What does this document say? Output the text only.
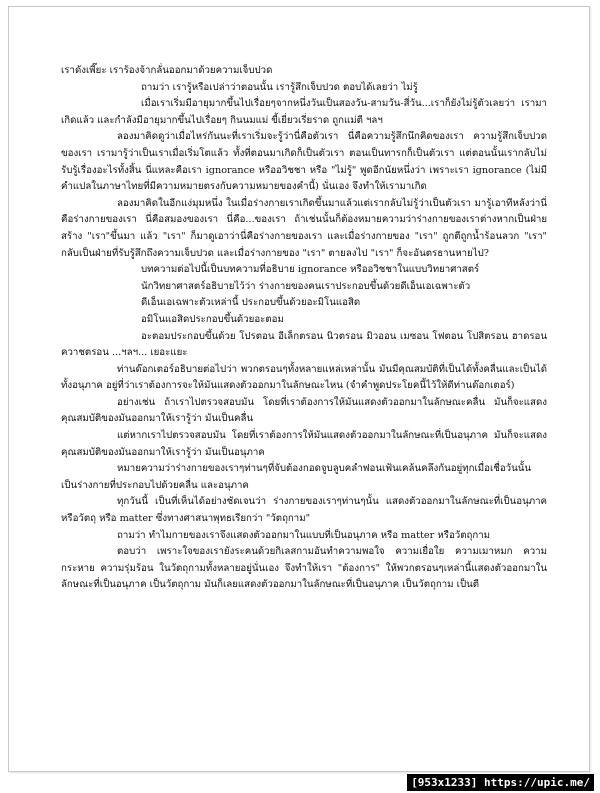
เราดังเพี๊ยะ เราร้องจ้ากลั่นออกมาด้วยความเจ็บปวด

ถามว่า เรารู้หรือเปล่าว่าตอนนั้น เรารู้สึกเจ็บปวด ตอบได้เลยว่า ไม่รู้

เมื่อเราเริ่มมีอายุมากขึ้นไปเรื่อยๆจากหนึ่งวันเป็นสองวัน-สามวัน-สี่วัน...เราก็ยังไม่รู้ตัวเลยว่า เรามาเกิดแล้ว และกำลังมีอายุมากขึ้นไปเรื่อยๆ กินนมแม่ ขี้เยี่ยวเรี่ยราด ถูกแม่ตี ฯลฯ

ลองมาคิดดูว่าเมื่อไหร่กันนะที่เราเริ่มจะรู้ว่านี่คือตัวเรา นี่คือความรู้สึกนึกคิดของเรา ความรู้สึกเจ็บปวดของเรา เรามารู้ว่าเป็นเราเมื่อเริ่มโตแล้ว ทั้งที่ตอนมาเกิดก็เป็นตัวเรา ตอนเป็นทารกก็เป็นตัวเรา แต่ตอนนั้นเรากลับไม่รับรู้เรื่องอะไรทั้งสิ้น นี่แหละคือเรา ignorance หรืออวิชชา หรือ "ไม่รู้" พูดอีกนัยหนึ่งว่า เพราะเรา ignorance (ไม่มีคำแปลในภาษาไทยที่มีความหมายตรงกับความหมายของคำนี้) นั่นเอง จึงทำให้เรามาเกิด

ลองมาคิดในอีกแง่มุมหนึ่ง ในเมื่อร่างกายเราเกิดขึ้นมาแล้วแต่เรากลับไม่รู้ว่าเป็นตัวเรา มารู้เอาทีหลังว่านี่คือร่างกายของเรา นี่คือสมองของเรา นี่คือ...ของเรา ถ้าเช่นนั้นก็ต้องหมายความว่าร่างกายของเราต่างหากเป็นฝ่ายสร้าง "เรา"ขึ้นมา แล้ว "เรา" ก็มาดูเอาว่านี่คือร่างกายของเรา และเมื่อร่างกายของ "เรา" ถูกตีถูกน้ำร้อนลวก "เรา" กลับเป็นฝ่ายที่รับรู้สึกถึงความเจ็บปวด และเมื่อร่างกายของ "เรา" ตายลงไป "เรา" ก็จะอันตรธานหายไป?

บทความต่อไปนี้เป็นบทความที่อธิบาย ignorance หรืออวิชชาในแบบวิทยาศาสตร์

นักวิทยาศาสตร์อธิบายไว้ว่า ร่างกายของคนเราประกอบขึ้นด้วยดีเอ็นเอเฉพาะตัว

ดีเอ็นเอเฉพาะตัวเหล่านี้ ประกอบขึ้นด้วยอะมิโนแอสิด

อมิโนแอสิดประกอบขึ้นด้วยอะตอม

อะตอมประกอบขึ้นด้วย โปรตอน อีเล็กตรอน นิวตรอน มิวออน เมซอน โฟตอน โปสิตรอน ฮาดรอน ควาชตรอน ...ฯลฯ... เยอะแยะ

ท่านด๊อกเตอร์อธิบายต่อไปว่า พวกตรอนๆทั้งหลายแหล่เหล่านั้น มันมีคุณสมบัติที่เป็นได้ทั้งคลื่นและเป็นได้ทั้งอนุภาค อยู่ที่ว่าเราต้องการจะให้มันแสดงตัวออกมาในลักษณะไหน (จำคำพูดประโยคนี้ไว้ให้ดีท่านด๊อกเตอร์)

อย่างเช่น ถ้าเราไปตรวจสอบมัน โดยที่เราต้องการให้มันแสดงตัวออกมาในลักษณะคลื่น มันก็จะแสดงคุณสมบัติของมันออกมาให้เรารู้ว่า มันเป็นคลื่น

แต่หากเราไปตรวจสอบมัน โดยที่เราต้องการให้มันแสดงตัวออกมาในลักษณะที่เป็นอนุภาค มันก็จะแสดงคุณสมบัติของมันออกมาให้เรารู้ว่า มันเป็นอนุภาค

หมายความว่าร่างกายของเราๆท่านๆที่จับต้องกอดจูบลูบคลำฟอนเฟ้นเคล้นคลึงกันอยู่ทุกเมื่อเชื่อวันนั้นเป็นร่างกายที่ประกอบไปด้วยคลื่น และอนุภาค

ทุกวันนี้ เป็นที่เห็นได้อย่างชัดเจนว่า ร่างกายของเราๆท่านๆนั้น แสดงตัวออกมาในลักษณะที่เป็นอนุภาค หรือวัตถุ หรือ matter ซึ่งทางศาสนาพุทธเรียกว่า "วัตถุกาม"

ถามว่า ทำไมกายของเราจึงแสดงตัวออกมาในแบบที่เป็นอนุภาค หรือ matter หรือวัตถุกาม

ตอบว่า เพราะใจของเรายังระคนด้วยกิเลสกามอันทำความพอใจ ความเยื่อใย ความเมาหมก ความกระหาย ความรุ่มร้อน ในวัตถุกามทั้งหลายอยู่นั่นเอง จึงทำให้เรา "ต้องการ" ให้พวกตรอนๆเหล่านี้แสดงตัวออกมาในลักษณะที่เป็นอนุภาค เป็นวัตถุกาม มันก็เลยแสดงตัวออกมาในลักษณะที่เป็นอนุภาค เป็นวัตถุกาม เป็นตี

[953x1233] https://upic.me/
